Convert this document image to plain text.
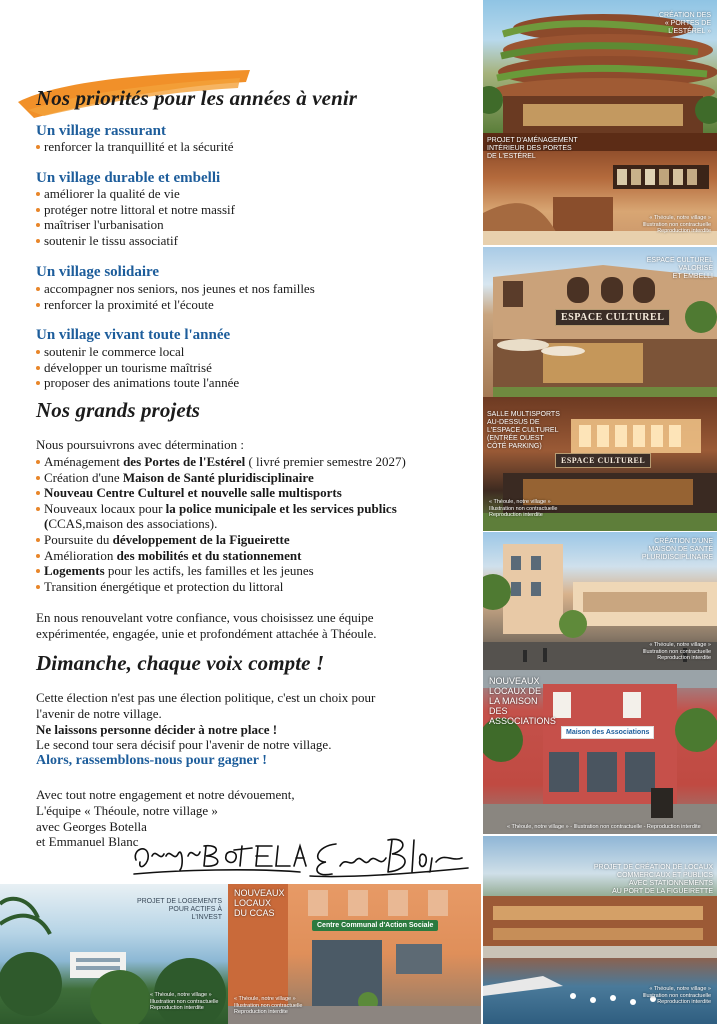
Nos priorités pour les années à venir
Un village rassurant
renforcer la tranquillité et la sécurité
Un village durable et embelli
améliorer la qualité de vie
protéger notre littoral et notre massif
maîtriser l'urbanisation
soutenir le tissu associatif
Un village solidaire
accompagner nos seniors, nos jeunes et nos familles
renforcer la proximité et l'écoute
Un village vivant toute l'année
soutenir le commerce local
développer un tourisme maîtrisé
proposer des animations toute l'année
Nos grands projets

Nous poursuivrons avec détermination :

Aménagement des Portes de l'Estérel ( livré premier semestre 2027)
Création d'une Maison de Santé pluridisciplinaire
Nouveau Centre Culturel et nouvelle salle multisports
Nouveaux locaux pour la police municipale et les services publics
(CCAS,maison des associations).
Poursuite du développement de la Figueirette
Amélioration des mobilités et du stationnement
Logements pour les actifs, les familles et les jeunes
Transition énergétique et protection du littoral

En nous renouvelant votre confiance, vous choisissez une équipe
expérimentée, engagée, unie et profondément attachée à Théoule.

Dimanche, chaque voix compte !

Cette élection n'est pas une élection politique, c'est un choix pour
l'avenir de notre village.
Ne laissons personne décider à notre place !
Le second tour sera décisif pour l'avenir de notre village.

Alors, rassemblons-nous pour gagner !

Avec tout notre engagement et notre dévouement,
L'équipe « Théoule, notre village »
avec Georges Botella
et Emmanuel Blanc

CRÉATION DES
« PORTES DE
L'ESTÉREL »
PROJET D'AMÉNAGEMENT
INTÉRIEUR DES PORTES
DE L'ESTÉREL
« Théoule, notre village »
Illustration non contractuelle
Reproduction interdite
ESPACE CULTUREL
ESPACE CULTUREL
VALORISÉ
ET EMBELLI
ESPACE CULTUREL
SALLE MULTISPORTS
AU-DESSUS DE
L'ESPACE CULTUREL
(ENTRÉE OUEST
CÔTÉ PARKING)
« Théoule, notre village »
Illustration non contractuelle
Reproduction interdite
CRÉATION D'UNE
MAISON DE SANTÉ
PLURIDISCIPLINAIRE
« Théoule, notre village »
Illustration non contractuelle
Reproduction interdite
Maison des Associations
NOUVEAUX
LOCAUX DE
LA MAISON
DES
ASSOCIATIONS
« Théoule, notre village » - Illustration non contractuelle - Reproduction interdite
PROJET DE CRÉATION DE LOCAUX
COMMERCIAUX ET PUBLICS
AVEC STATIONNEMENTS
AU PORT DE LA FIGUEIRETTE
« Théoule, notre village »
Illustration non contractuelle
Reproduction interdite
PROJET DE LOGEMENTS
POUR ACTIFS À
L'INVEST
« Théoule, notre village »
Illustration non contractuelle
Reproduction interdite
Centre Communal d'Action Sociale
NOUVEAUX
LOCAUX
DU CCAS
« Théoule, notre village »
Illustration non contractuelle
Reproduction interdite
